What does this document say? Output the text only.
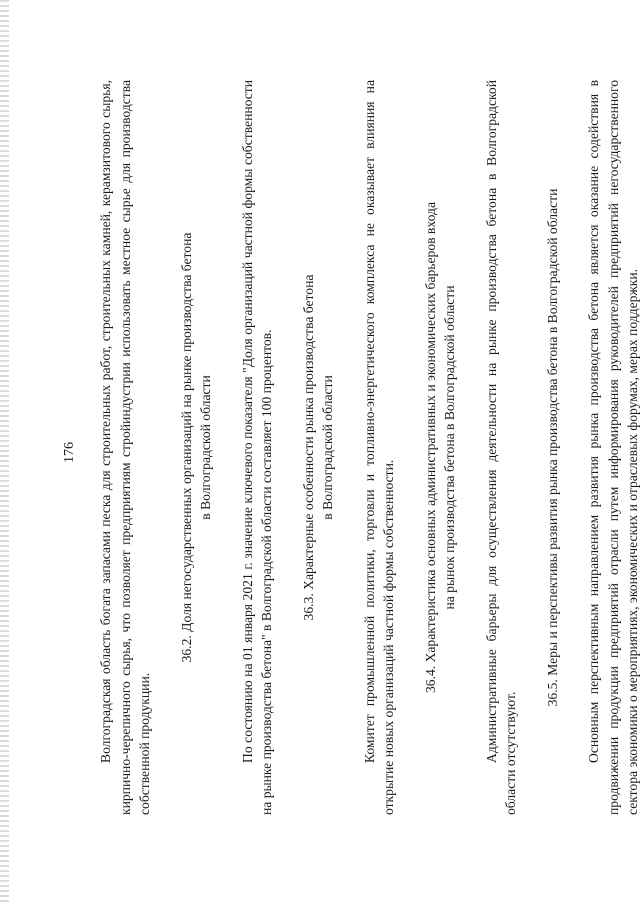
176 Волгоградская область богата запасами песка для строительных работ, строительных камней, керамзитового сырья, кирпично-черепичного сырья, что позволяет предприятиям стройиндустрии использовать местное сырье для производства собственной продукции.

36.2. Доля негосударственных организаций на рынке производства бетона в Волгоградской области По состоянию на 01 января 2021 г. значение ключевого показателя "Доля организаций частной формы собственности на рынке производства бетона" в Волгоградской области составляет 100 процентов. 36.3. Характерные особенности рынка производства бетона в Волгоградской области Комитет промышленной политики, торговли и топливно-энергетического комплекса не оказывает влияния на открытие новых организаций частной формы собственности. 36.4. Характеристика основных административных и экономических барьеров входа на рынок производства бетона в Волгоградской области Административные барьеры для осуществления деятельности на рынке производства бетона в Волгоградской области отсутствуют.

36.5. Меры и перспективы развития рынка производства бетона в Волгоградской области Основным перспективным направлением развития рынка производства бетона является оказание содействия в продвижении продукции предприятий отрасли путем информирования руководителей предприятий негосударственного сектора экономики о мероприятиях, экономических и отраслевых форумах, мерах поддержки.
